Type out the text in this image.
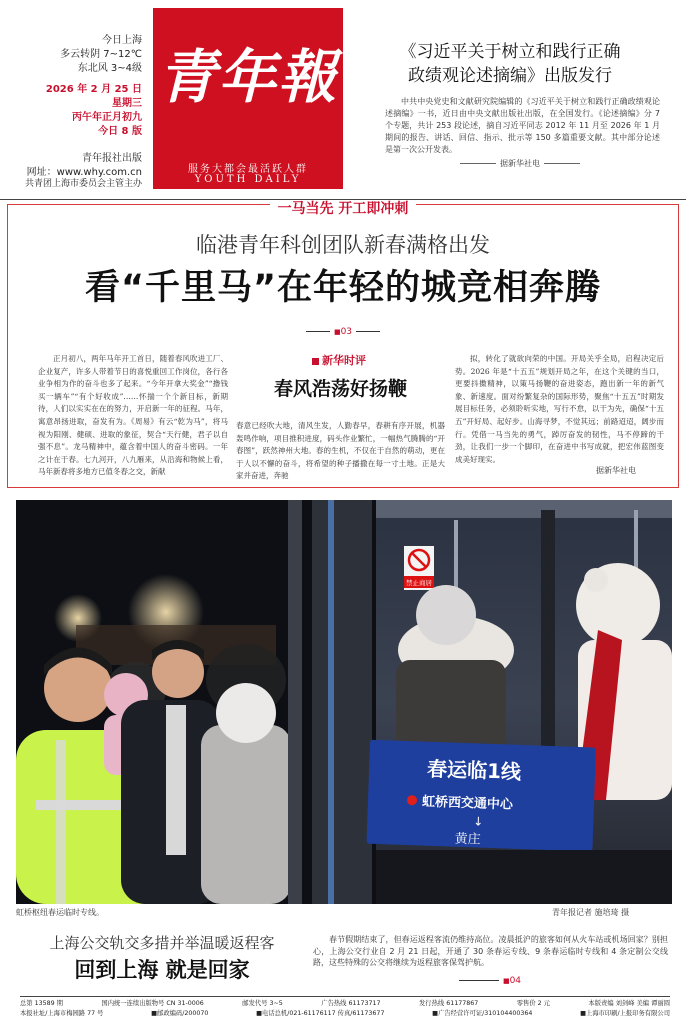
今日上海
多云转阴 7~12℃
东北风 3~4级
2026 年 2 月 25 日
星期三
丙午年正月初九
今日 8 版
青年报社出版
网址：www.why.com.cn
共青团上海市委员会主管主办
青年報
服务大都会最活跃人群
YOUTH DAILY
《习近平关于树立和践行正确
政绩观论述摘编》出版发行
中共中央党史和文献研究院编辑的《习近平关于树立和践行正确政绩观论述摘编》一书，近日由中央文献出版社出版，在全国发行。《论述摘编》分 7 个专题，共计 253 段论述，摘自习近平同志 2012 年 11 月至 2026 年 1 月期间的报告、讲话、回信、指示、批示等 150 多篇重要文献。其中部分论述是第一次公开发表。
据新华社电
一马当先 开工即冲刺
临港青年科创团队新春满格出发
看“千里马”在年轻的城竞相奔腾
■03
正月初八，两年马年开工首日，随着春风吹进工厂、企业复产，许多人带着节日的喜悦重回工作岗位，各行各业争相为作的奋斗也多了起来。“今年开拿大奖金”“撸钱买一辆车”“有个好收成”……怀揣一个个新目标，新期待，人们以实实在在的努力，开启新一年的征程。马年，寓意昂扬进取，奋发有为。《周易》有云“乾为马”，将马视为阳刚、健硕、进取的象征，契合“天行健，君子以自强不息”。龙马精神中，蕴含着中国人的奋斗密码。一年之计在于春。七九河开，八九雁来，从沿海和物候上看，马年新春将多地方已值冬春之交，新献
新华时评
春风浩荡好扬鞭
春意已经吹大地，清风生发，人勤春早，春耕有序开展，机器轰鸣作响，项目推积进度，码头作业繁忙，一幅热气腾腾的“开春图”，跃然神州大地。春的生机，不仅在于自然的萌动，更在于人以不懈的奋斗，将希望的种子播撒在每一寸土地。正是大家并奋进，奔驰
拟，转化了就欲向荣的中国。开局关乎全局，启程决定后势。2026 年是“十五五”规划开局之年，在这个关键的当口，更要抖擞精神，以策马扬鞭的奋进姿态，跑出新一年的新气象、新速度。面对纷繁复杂的国际形势，聚焦“十五五”时期发展目标任务，必须聆听实地，写行不怠，以干为先，确保“十五五”开好局、起好步。山海寻梦，不觉其远；前路迢迢，阔步而行。凭借一马当先的勇气，踔厉奋发的韧性，马不停蹄的干劲，让我们一步一个脚印，在奋进中书写成就，把宏伟蓝图变成美好现实。
据新华社电
禁止商居
春运临1线
虹桥西交通中心
↓
黄庄
虹桥枢纽春运临时专线。	青年报记者 施培琦 摄
上海公交轨交多措并举温暖返程客
回到上海 就是回家
春节假期结束了，但春运返程客流仍维持高位。凌晨抵沪的旅客如何从火车站或机场回家？别担心，上海公交行业自 2 月 21 日起，开通了 30 条春运专线、9 条春运临时专线和 4 条定制公交线路，这些特殊的公交将继续为返程旅客保驾护航。
■04
总第 13589 期	国内统一连续出版物号 CN 31-0006	邮发代号 3~5	广告热线 61173717	发行热线 61177867	零售价 2 元	本版责编 刘剑峰 美编 谭丽圆
本报社址/上海市梅园路 77 号	■邮政编码/200070	■电话总机/021-61176117 传真/61173677	■广告经营许可证/310104400364	■上海市印刷/上报印务有限公司
